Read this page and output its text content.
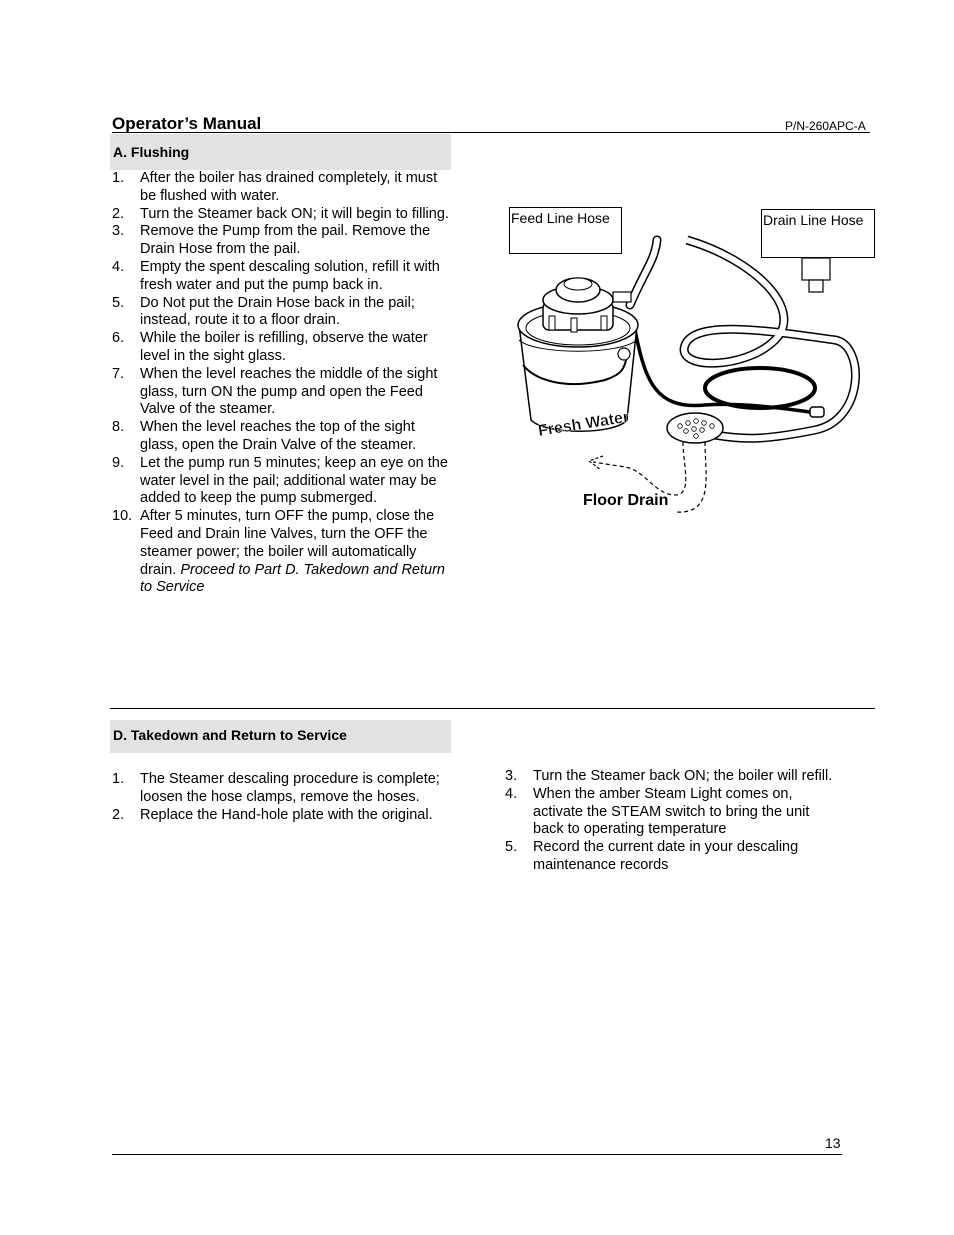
Operator’s Manual	P/N-260APC-A
A. Flushing
1. After the boiler has drained completely, it must be flushed with water.
2. Turn the Steamer back ON; it will begin to filling.
3. Remove the Pump from the pail. Remove the Drain Hose from the pail.
4. Empty the spent descaling solution, refill it with fresh water and put the pump back in.
5. Do Not put the Drain Hose back in the pail; instead, route it to a floor drain.
6. While the boiler is refilling, observe the water level in the sight glass.
7. When the level reaches the middle of the sight glass, turn ON the pump and open the Feed Valve of the steamer.
8. When the level reaches the top of the sight glass, open the Drain Valve of the steamer.
9. Let the pump run 5 minutes; keep an eye on the water level in the pail; additional water may be added to keep the pump submerged.
10. After 5 minutes, turn OFF the pump, close the Feed and Drain line Valves, turn the OFF the steamer power; the boiler will automatically drain. Proceed to Part D. Takedown and Return to Service
Fresh Water
Floor Drain
Feed Line Hose	Drain Line Hose
D. Takedown and Return to Service
1. The Steamer descaling procedure is complete; loosen the hose clamps, remove the hoses.
2. Replace the Hand-hole plate with the original.
3. Turn the Steamer back ON; the boiler will refill.
4. When the amber Steam Light comes on, activate the STEAM switch to bring the unit back to operating temperature
5. Record the current date in your descaling maintenance records
13
